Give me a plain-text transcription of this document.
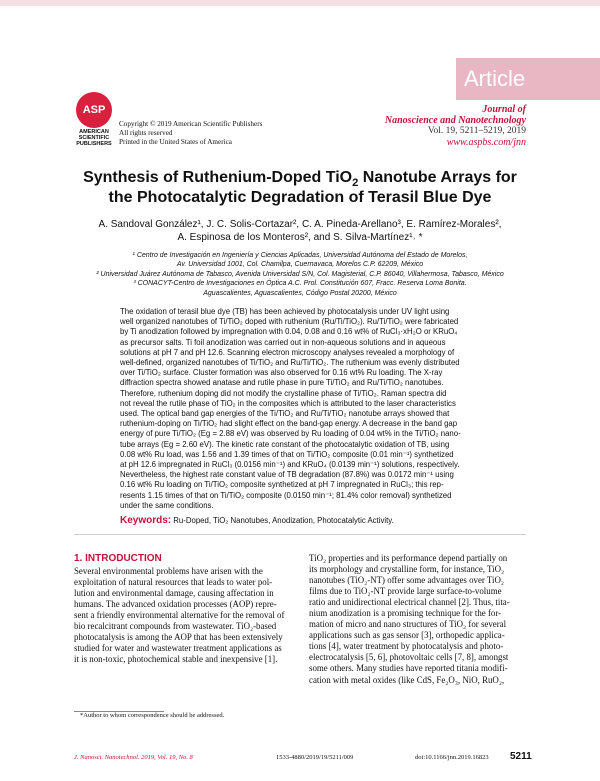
Article
ASP
AMERICAN
SCIENTIFIC
PUBLISHERS
Copyright © 2019 American Scientific Publishers
All rights reserved
Printed in the United States of America
Journal of
Nanoscience and Nanotechnology
Vol. 19, 5211–5219, 2019
www.aspbs.com/jnn
Synthesis of Ruthenium-Doped TiO$_2$ Nanotube Arrays for
the Photocatalytic Degradation of Terasil Blue Dye
A. Sandoval González¹, J. C. Solis-Cortazar², C. A. Pineda-Arellano³, E. Ramírez-Morales²,
A. Espinosa de los Monteros², and S. Silva-Martínez¹˒ *
¹ Centro de Investigación en Ingeniería y Ciencias Aplicadas, Universidad Autónoma del Estado de Morelos,
Av. Universidad 1001, Col. Chamilpa, Cuernavaca, Morelos C.P. 62209, México
² Universidad Juárez Autónoma de Tabasco, Avenida Universidad S/N, Col. Magisterial, C.P. 86040, Villahermosa, Tabasco, México
³ CONACYT-Centro de Investigaciones en Óptica A.C. Prol. Constitución 607, Fracc. Reserva Loma Bonita.
Aguascalientes, Aguascalientes, Código Postal 20200, México
The oxidation of terasil blue dye (TB) has been achieved by photocatalysis under UV light using
well organized nanotubes of Ti/TiO₂ doped with ruthenium (Ru/Ti/TiO₂). Ru/Ti/TiO₂ were fabricated
by Ti anodization followed by impregnation with 0.04, 0.08 and 0.16 wt% of RuCl₃·xH₂O or KRuO₄
as precursor salts. Ti foil anodization was carried out in non-aqueous solutions and in aqueous
solutions at pH 7 and pH 12.6. Scanning electron microscopy analyses revealed a morphology of
well-defined, organized nanotubes of Ti/TiO₂ and Ru/Ti/TiO₂. The ruthenium was evenly distributed
over Ti/TiO₂ surface. Cluster formation was also observed for 0.16 wt% Ru loading. The X-ray
diffraction spectra showed anatase and rutile phase in pure Ti/TiO₂ and Ru/Ti/TiO₂ nanotubes.
Therefore, ruthenium doping did not modify the crystalline phase of Ti/TiO₂. Raman spectra did
not reveal the rutile phase of TiO₂ in the composites which is attributed to the laser characteristics
used. The optical band gap energies of the Ti/TiO₂ and Ru/Ti/TiO₂ nanotube arrays showed that
ruthenium-doping on Ti/TiO₂ had slight effect on the band-gap energy. A decrease in the band gap
energy of pure Ti/TiO₂ (Eg = 2.88 eV) was observed by Ru loading of 0.04 wt% in the Ti/TiO₂ nano-
tube arrays (Eg = 2.60 eV). The kinetic rate constant of the photocatalytic oxidation of TB, using
0.08 wt% Ru load, was 1.56 and 1.39 times of that on Ti/TiO₂ composite (0.01 min⁻¹) synthetized
at pH 12.6 impregnated in RuCl₃ (0.0156 min⁻¹) and KRuO₄ (0.0139 min⁻¹) solutions, respectively.
Nevertheless, the highest rate constant value of TB degradation (87.8%) was 0.0172 min⁻¹ using
0.16 wt% Ru loading on Ti/TiO₂ composite synthetized at pH 7 impregnated in RuCl₃; this rep-
resents 1.15 times of that on Ti/TiO₂ composite (0.0150 min⁻¹; 81.4% color removal) synthetized
under the same conditions.
Keywords: Ru-Doped, TiO₂ Nanotubes, Anodization, Photocatalytic Activity.
1. INTRODUCTION
Several environmental problems have arisen with the
exploitation of natural resources that leads to water pol-
lution and environmental damage, causing affectation in
humans. The advanced oxidation processes (AOP) repre-
sent a friendly environmental alternative for the removal of
bio recalcitrant compounds from wastewater. TiO₂-based
photocatalysis is among the AOP that has been extensively
studied for water and wastewater treatment applications as
it is non-toxic, photochemical stable and inexpensive [1].
TiO₂ properties and its performance depend partially on
its morphology and crystalline form, for instance, TiO₂
nanotubes (TiO₂-NT) offer some advantages over TiO₂
films due to TiO₂-NT provide large surface-to-volume
ratio and unidirectional electrical channel [2]. Thus, tita-
nium anodization is a promising technique for the for-
mation of micro and nano structures of TiO₂ for several
applications such as gas sensor [3], orthopedic applica-
tions [4], water treatment by photocatalysis and photo-
electrocatalysis [5, 6], photovoltaic cells [7, 8], amongst
some others. Many studies have reported titania modifi-
cation with metal oxides (like CdS, Fe₂O₃, NiO, RuO₂,
*Author to whom correspondence should be addressed.
J. Nanosci. Nanotechnol. 2019, Vol. 19, No. 8	1533-4880/2019/19/5211/009	doi:10.1166/jnn.2019.16823 5211
